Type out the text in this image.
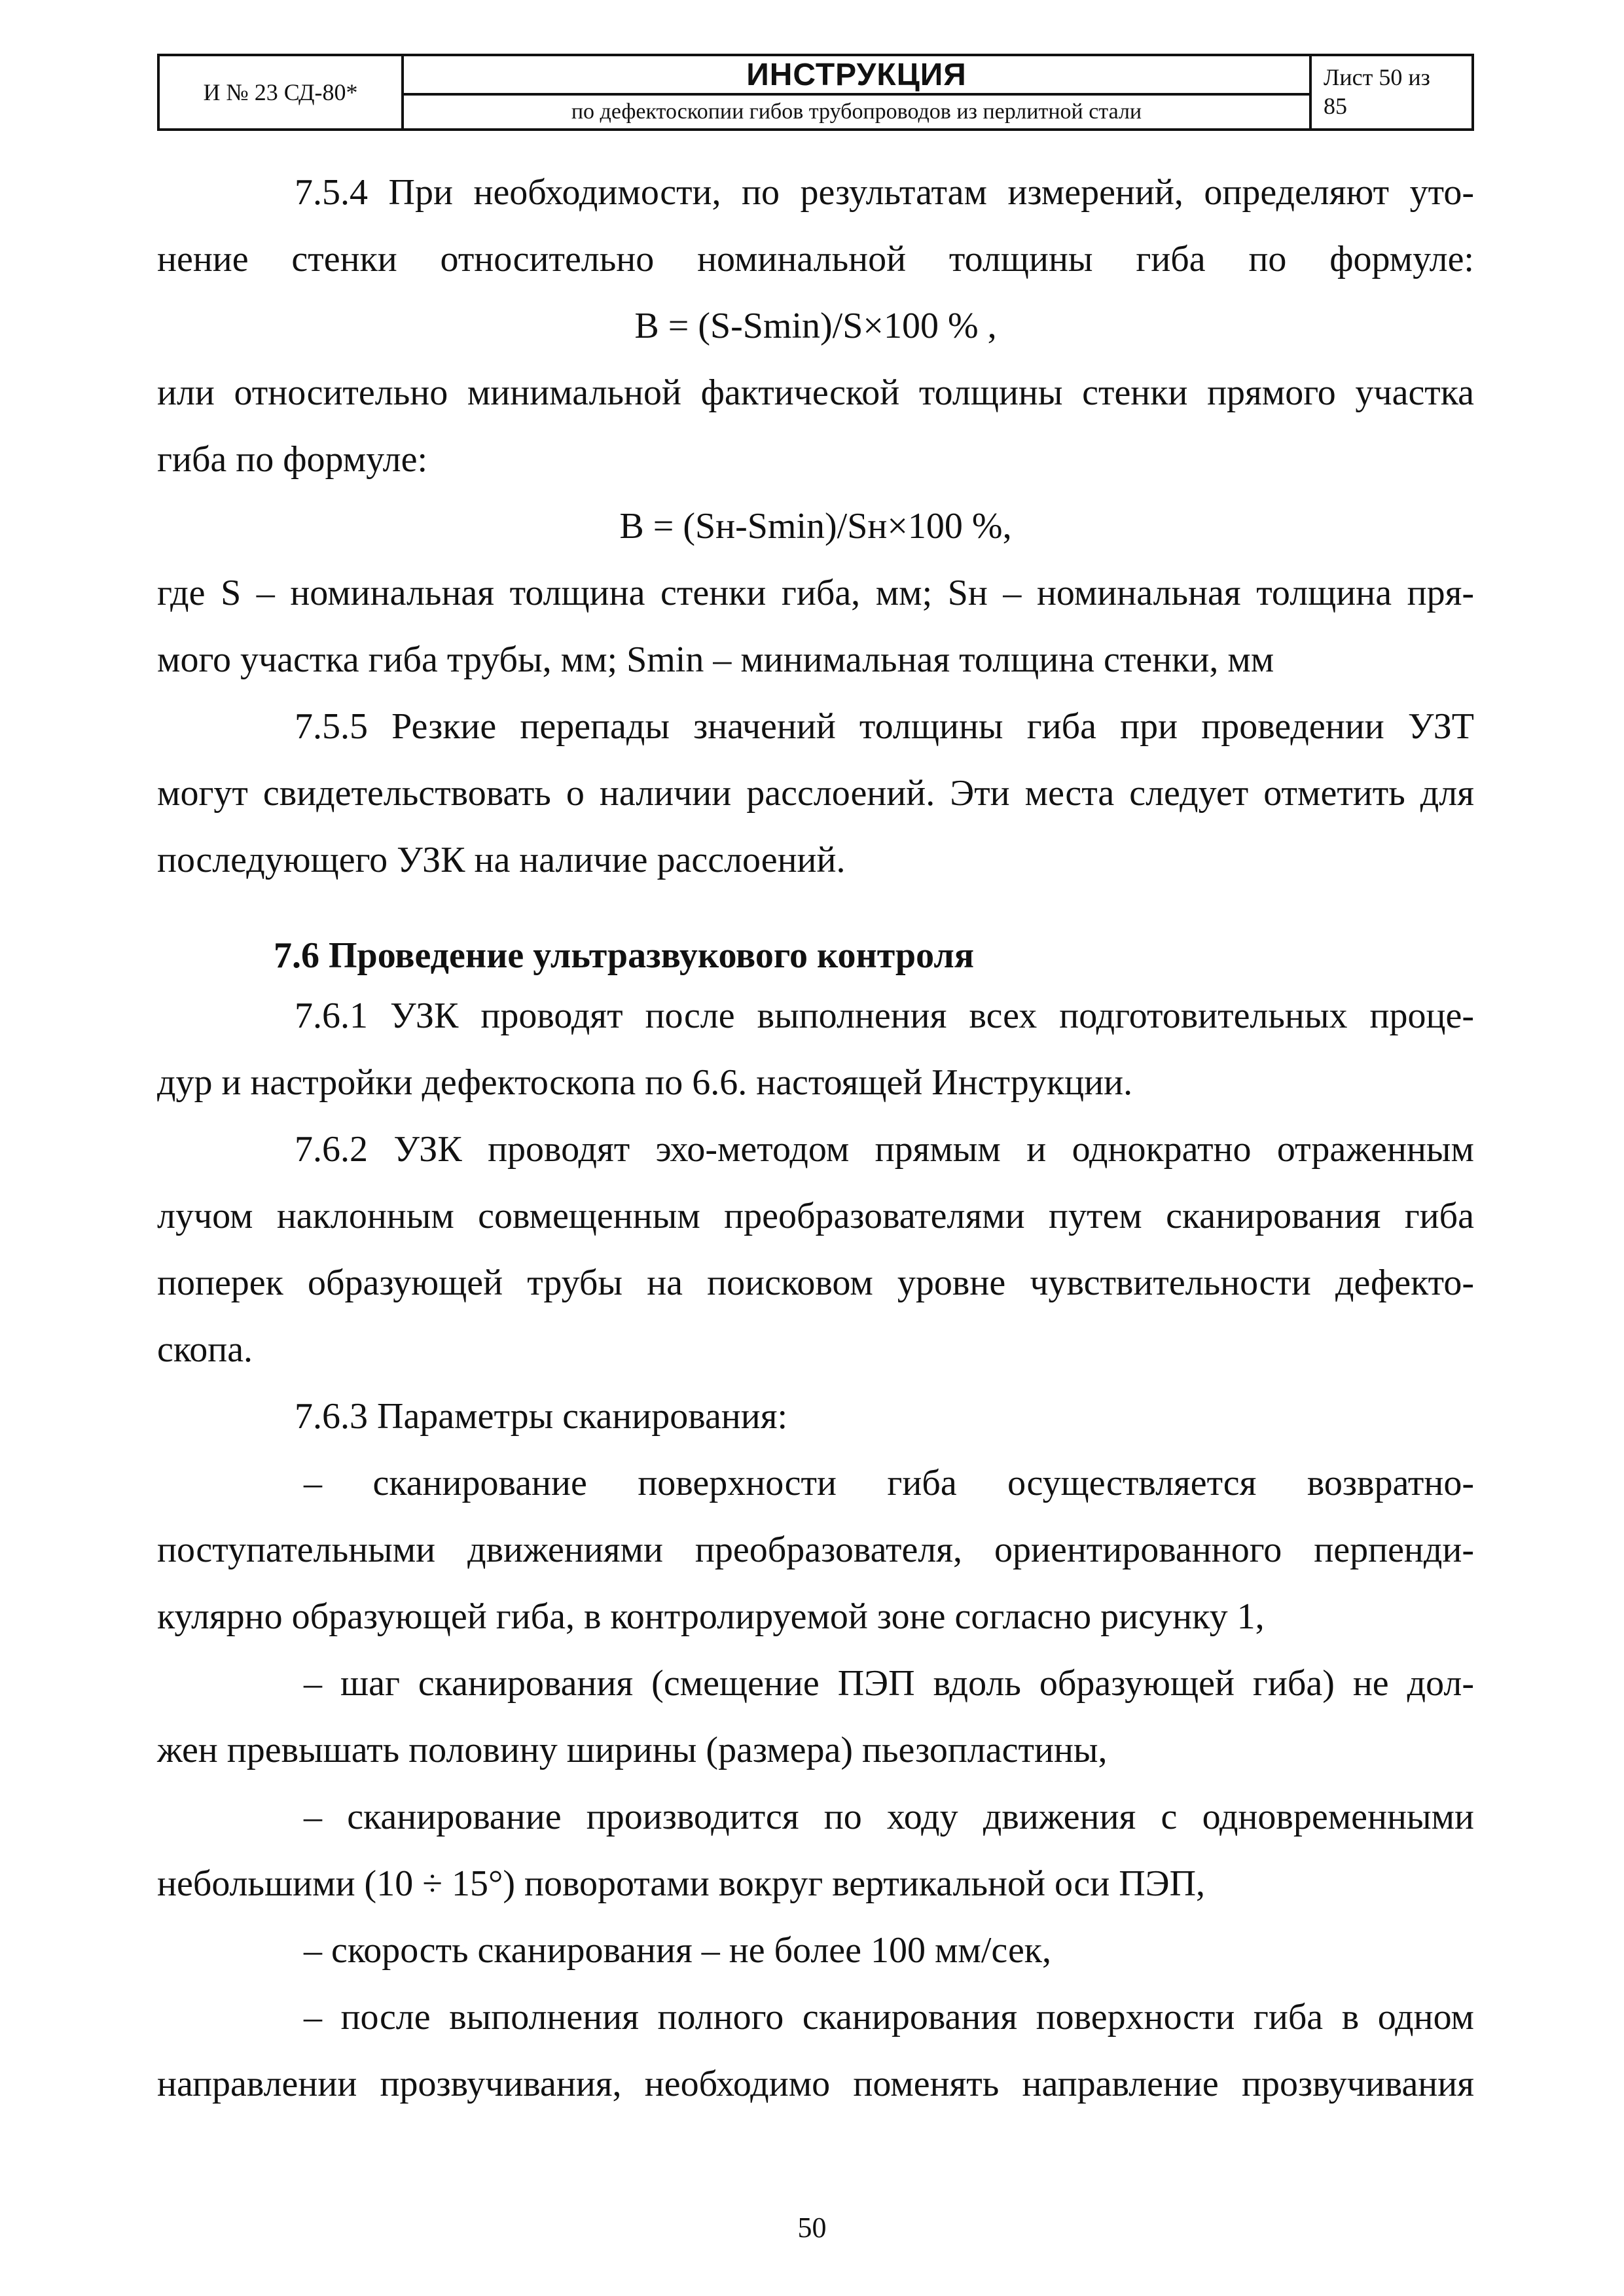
И № 23 СД-80*
ИНСТРУКЦИЯ
по дефектоскопии гибов трубопроводов из перлитной стали
Лист 50 из
85
7.5.4 При необходимости, по результатам измерений, определяют уто-
нение стенки относительно номинальной толщины гиба по формуле:
В = (S-Smin)/S×100 % ,
или относительно минимальной фактической толщины стенки прямого участка
гиба по формуле:
В = (Sн-Smin)/Sн×100 %,
где S – номинальная толщина стенки гиба, мм; Sн – номинальная толщина пря-
мого участка гиба трубы, мм; Smin – минимальная толщина стенки, мм
7.5.5 Резкие перепады значений толщины гиба при проведении УЗТ
могут свидетельствовать о наличии расслоений. Эти места следует отметить для
последующего УЗК на наличие расслоений.
7.6 Проведение ультразвукового контроля
7.6.1 УЗК проводят после выполнения всех подготовительных проце-
дур и настройки дефектоскопа по 6.6. настоящей Инструкции.
7.6.2 УЗК проводят эхо-методом прямым и однократно отраженным
лучом наклонным совмещенным преобразователями путем сканирования гиба
поперек образующей трубы на поисковом уровне чувствительности дефекто-
скопа.
7.6.3 Параметры сканирования:
– сканирование поверхности гиба осуществляется возвратно-
поступательными движениями преобразователя, ориентированного перпенди-
кулярно образующей гиба, в контролируемой зоне согласно рисунку 1,
– шаг сканирования (смещение ПЭП вдоль образующей гиба) не дол-
жен превышать половину ширины (размера) пьезопластины,
– сканирование производится по ходу движения с одновременными
небольшими (10 ÷ 15°) поворотами вокруг вертикальной оси ПЭП,
– скорость сканирования – не более 100 мм/сек,
– после выполнения полного сканирования поверхности гиба в одном
направлении прозвучивания, необходимо поменять направление прозвучивания
50
